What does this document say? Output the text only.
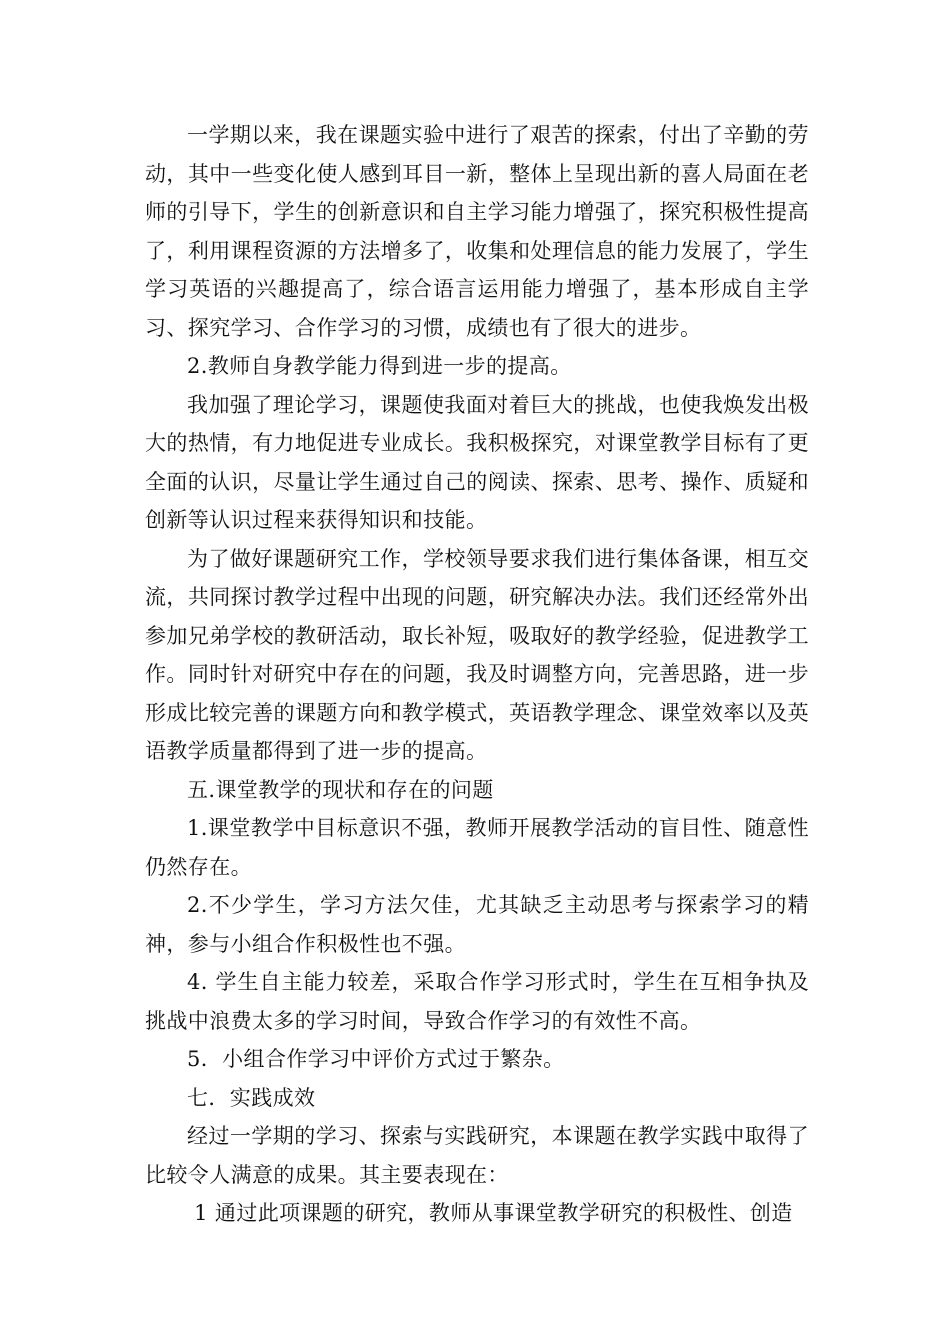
一学期以来，我在课题实验中进行了艰苦的探索，付出了辛勤的劳动，其中一些变化使人感到耳目一新，整体上呈现出新的喜人局面在老师的引导下，学生的创新意识和自主学习能力增强了，探究积极性提高了，利用课程资源的方法增多了，收集和处理信息的能力发展了，学生学习英语的兴趣提高了，综合语言运用能力增强了，基本形成自主学习、探究学习、合作学习的习惯，成绩也有了很大的进步。

2.教师自身教学能力得到进一步的提高。

我加强了理论学习，课题使我面对着巨大的挑战，也使我焕发出极大的热情，有力地促进专业成长。我积极探究，对课堂教学目标有了更全面的认识，尽量让学生通过自己的阅读、探索、思考、操作、质疑和创新等认识过程来获得知识和技能。

为了做好课题研究工作，学校领导要求我们进行集体备课，相互交流，共同探讨教学过程中出现的问题，研究解决办法。我们还经常外出参加兄弟学校的教研活动，取长补短，吸取好的教学经验，促进教学工作。同时针对研究中存在的问题，我及时调整方向，完善思路，进一步形成比较完善的课题方向和教学模式，英语教学理念、课堂效率以及英语教学质量都得到了进一步的提高。

五.课堂教学的现状和存在的问题

1.课堂教学中目标意识不强，教师开展教学活动的盲目性、随意性仍然存在。

2.不少学生，学习方法欠佳，尤其缺乏主动思考与探索学习的精神，参与小组合作积极性也不强。

4. 学生自主能力较差，采取合作学习形式时，学生在互相争执及挑战中浪费太多的学习时间，导致合作学习的有效性不高。

5．小组合作学习中评价方式过于繁杂。

七．实践成效

经过一学期的学习、探索与实践研究，本课题在教学实践中取得了比较令人满意的成果。其主要表现在：

1 通过此项课题的研究，教师从事课堂教学研究的积极性、创造
